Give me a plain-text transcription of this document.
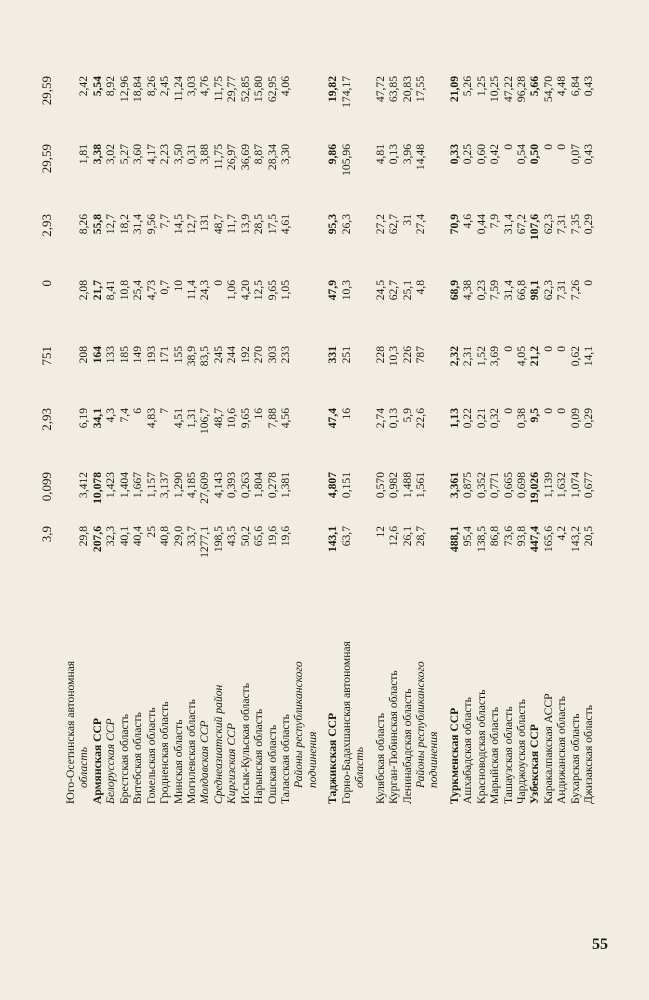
3,9
0,099
2,93
751
0
2,93
29,59
29,59
Юго-Осетинская автономная область
29,8
3,412
6,19
208
2,08
8,26
1,81
2,42
Армянская ССР
207,6
10,078
34,1
164
21,7
55,8
3,38
5,54
Белорусская ССР
32,3
1,423
4,3
133
8,41
12,7
3,02
8,92
Брестская область
40,1
1,404
7,4
185
10,8
18,2
5,27
12,96
Витебская область
40,4
1,667
6
149
25,4
31,4
3,60
18,84
Гомельская область
25
1,157
4,83
193
4,73
9,56
4,17
8,26
Гродненская область
40,8
3,137
7
171
0,7
7,7
2,23
2,45
Минская область
29,0
1,290
4,51
155
10
14,5
3,50
11,24
Могилевская область
33,7
4,185
1,31
38,9
11,4
12,7
0,31
3,03
Молдавская ССР
1277,1
27,609
106,7
83,5
24,3
131
3,88
4,76
Среднеазиатский район
198,5
4,143
48,7
245
0
48,7
11,75
11,75
Киргизская ССР
43,5
0,393
10,6
244
1,06
11,7
26,97
29,77
Иссык-Кульская область
50,2
0,263
9,65
192
4,20
13,9
36,69
52,85
Нарынская область
65,6
1,804
16
270
12,5
28,5
8,87
15,80
Ошская область
19,6
0,278
7,88
303
9,65
17,5
28,34
62,95
Таласская область
19,6
1,381
4,56
233
1,05
4,61
3,30
4,06
Районы республиканского подчинения Таджикская ССР
143,1
4,807
47,4
331
47,9
95,3
9,86
19,82
Горно-Бадахшанская автономная
63,7
0,151
16
251
10,3
26,3
105,96
174,17
область Кулябская область
12
0,570
2,74
228
24,5
27,2
4,81
47,72
Курган-Тюбинская область
12,6
0,982
0,13
10,3
62,7
62,7
0,13
63,85
Ленинабадская область
26,1
1,488
5,9
226
25,1
31
3,96
20,83
Районы республиканского
28,7
1,561
22,6
787
4,8
27,4
14,48
17,55
подчинения Туркменская ССР
488,1
3,361
1,13
2,32
68,9
70,9
0,33
21,09
Ашхабадская область
95,4
0,875
0,22
2,31
4,38
4,6
0,25
5,26
Красноводская область
138,5
0,352
0,21
1,52
0,23
0,44
0,60
1,25
Марыйская область
86,8
0,771
0,32
3,69
7,59
7,9
0,42
10,25
Ташаузская область
73,6
0,665
0
0
31,4
31,4
0
47,22
Чарджоуская область
93,8
0,698
0,38
4,05
66,8
67,2
0,54
96,28
Узбекская ССР
447,4
19,026
9,5
21,2
98,1
107,6
0,50
5,66
Каракалпакская АССР
165,6
1,139
0
0
62,3
62,3
0
54,70
Андижанская область
4,2
1,632
0
0
7,31
7,31
0
4,48
Бухарская область
143,2
1,074
0,09
0,62
7,26
7,35
0,07
6,84
Джизакская область
20,5
0,677
0,29
14,1
0
0,29
0,43
0,43
55
